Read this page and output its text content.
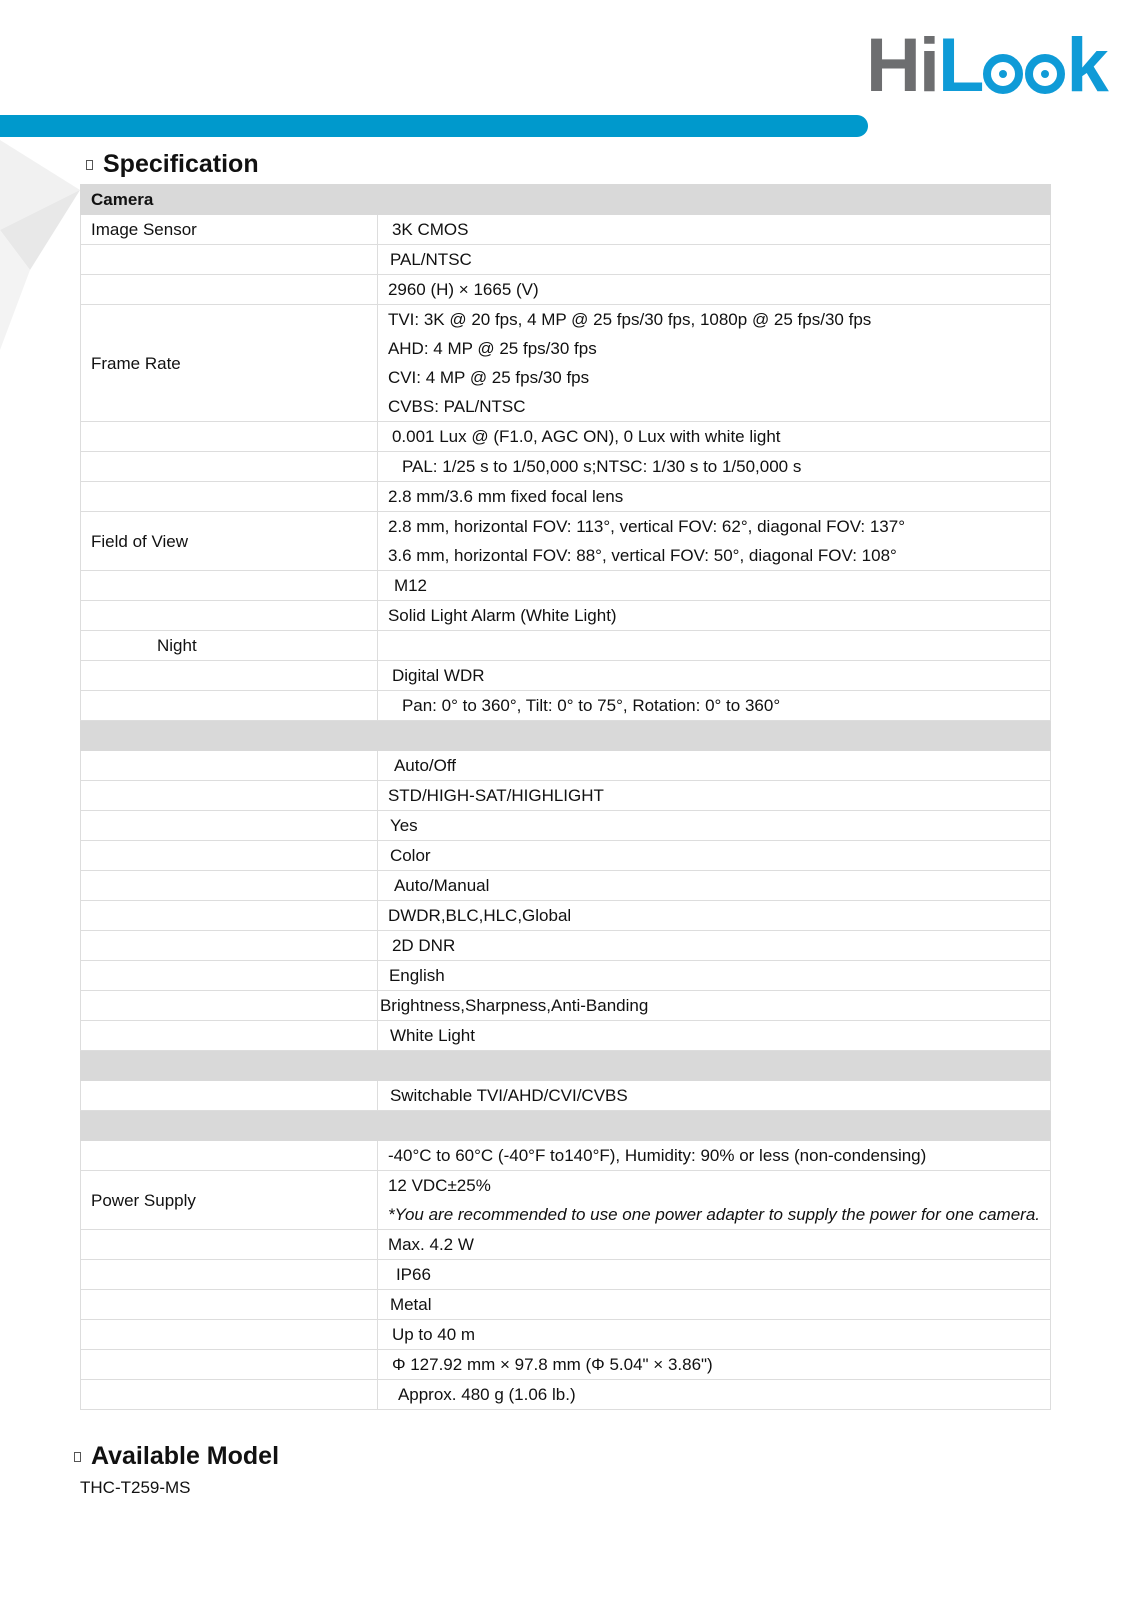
Hi L k
Specification
Camera	
Image Sensor	3K CMOS

	PAL/NTSC

	2960 (H) × 1665 (V)

Frame Rate	TVI: 3K @ 20 fps, 4 MP @ 25 fps/30 fps, 1080p @ 25 fps/30 fps
AHD: 4 MP @ 25 fps/30 fps
CVI: 4 MP @ 25 fps/30 fps
CVBS: PAL/NTSC

	0.001 Lux @ (F1.0, AGC ON), 0 Lux with white light

	PAL: 1/25 s to 1/50,000 s;NTSC: 1/30 s to 1/50,000 s

	2.8 mm/3.6 mm fixed focal lens

Field of View	2.8 mm, horizontal FOV: 113°, vertical FOV: 62°, diagonal FOV: 137°
3.6 mm, horizontal FOV: 88°, vertical FOV: 50°, diagonal FOV: 108°

	M12

	Solid Light Alarm (White Light)

Night	

	Digital WDR

	Pan: 0° to 360°, Tilt: 0° to 75°, Rotation: 0° to 360°

	Auto/Off

	STD/HIGH-SAT/HIGHLIGHT

	Yes

	Color

	Auto/Manual

	DWDR,BLC,HLC,Global

	2D DNR

	English

	Brightness,Sharpness,Anti-Banding

	White Light

	Switchable TVI/AHD/CVI/CVBS

	-40°C to 60°C (-40°F to140°F), Humidity: 90% or less (non-condensing)

Power Supply	12 VDC±25%
*You are recommended to use one power adapter to supply the power for one camera.

	Max. 4.2 W

	IP66

	Metal

	Up to 40 m

	Φ 127.92 mm × 97.8 mm (Φ 5.04" × 3.86")

	Approx. 480 g (1.06 lb.)
Available Model
THC-T259-MS
